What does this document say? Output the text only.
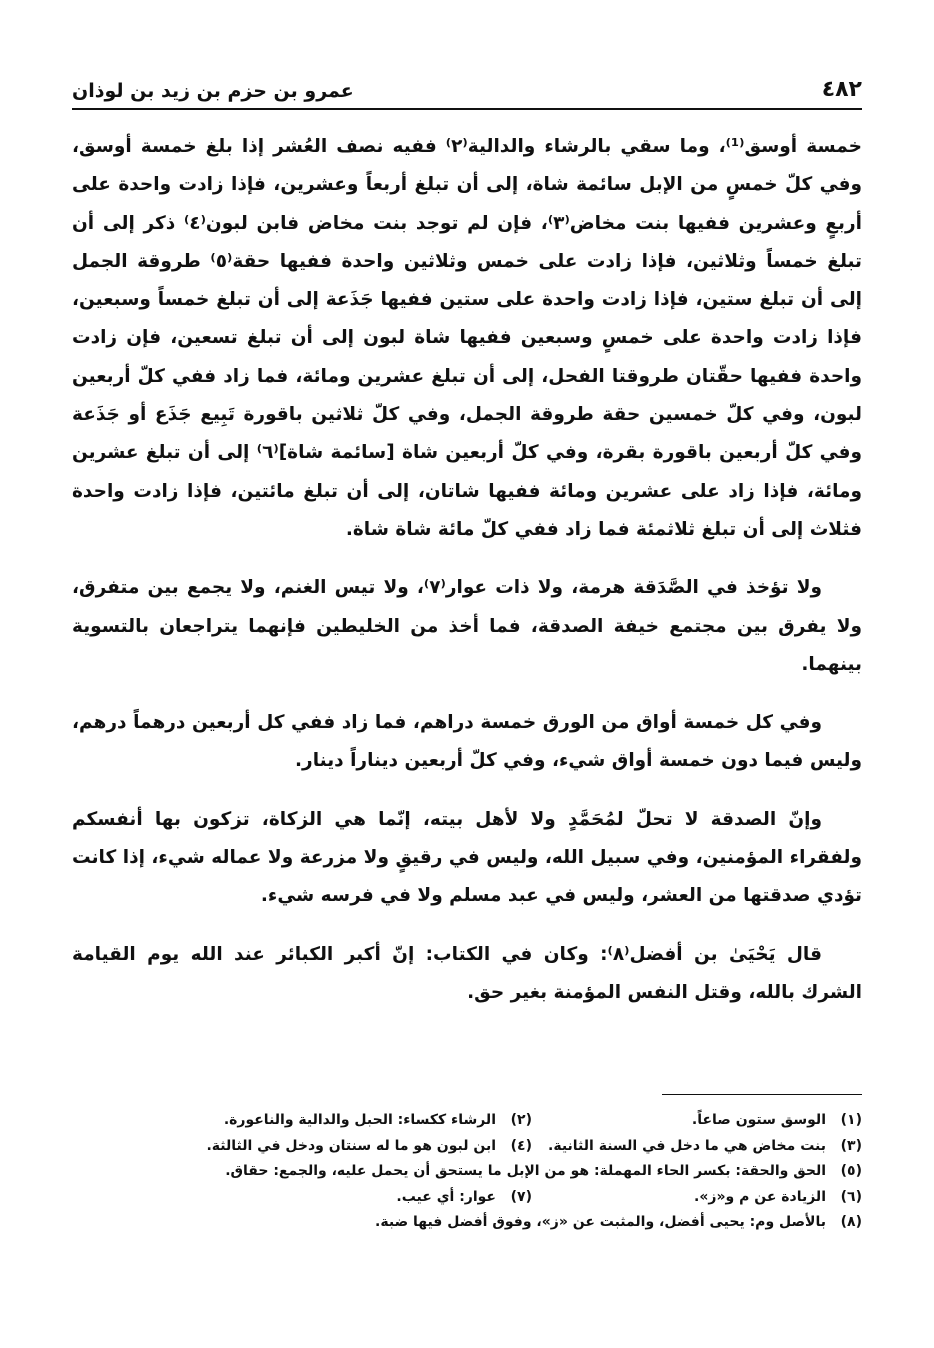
٤٨٢
عمرو بن حزم بن زيد بن لوذان

خمسة أوسق⁽¹⁾، وما سقي بالرشاء والدالية⁽٢⁾ ففيه نصف العُشر إذا بلغ خمسة أوسق، وفي كلّ خمسٍ من الإبل سائمة شاة، إلى أن تبلغ أربعاً وعشرين، فإذا زادت واحدة على أربعٍ وعشرين ففيها بنت مخاض⁽٣⁾، فإن لم توجد بنت مخاض فابن لبون⁽٤⁾ ذكر إلى أن تبلغ خمساً وثلاثين، فإذا زادت على خمس وثلاثين واحدة ففيها حقة⁽٥⁾ طروقة الجمل إلى أن تبلغ ستين، فإذا زادت واحدة على ستين ففيها جَذَعة إلى أن تبلغ خمساً وسبعين، فإذا زادت واحدة على خمسٍ وسبعين ففيها شاة لبون إلى أن تبلغ تسعين، فإن زادت واحدة ففيها حقّتان طروقتا الفحل، إلى أن تبلغ عشرين ومائة، فما زاد ففي كلّ أربعين لبون، وفي كلّ خمسين حقة طروقة الجمل، وفي كلّ ثلاثين باقورة تَبِيع جَذَع أو جَذَعة وفي كلّ أربعين باقورة بقرة، وفي كلّ أربعين شاة [سائمة شاة]⁽٦⁾ إلى أن تبلغ عشرين ومائة، فإذا زاد على عشرين ومائة ففيها شاتان، إلى أن تبلغ مائتين، فإذا زادت واحدة فثلاث إلى أن تبلغ ثلاثمئة فما زاد ففي كلّ مائة شاة شاة.

ولا تؤخذ في الصَّدَقة هرمة، ولا ذات عوار⁽٧⁾، ولا تيس الغنم، ولا يجمع بين متفرق، ولا يفرق بين مجتمع خيفة الصدقة، فما أخذ من الخليطين فإنهما يتراجعان بالتسوية بينهما.

وفي كل خمسة أواق من الورق خمسة دراهم، فما زاد ففي كل أربعين درهماً درهم، وليس فيما دون خمسة أواق شيء، وفي كلّ أربعين ديناراً دينار.

وإنّ الصدقة لا تحلّ لمُحَمَّدٍ ولا لأهل بيته، إنّما هي الزكاة، تزكون بها أنفسكم ولفقراء المؤمنين، وفي سبيل الله، وليس في رقيقٍ ولا مزرعة ولا عماله شيء، إذا كانت تؤدي صدقتها من العشر، وليس في عبد مسلم ولا في فرسه شيء.

قال يَحْيَىٰ بن أفضل⁽٨⁾: وكان في الكتاب: إنّ أكبر الكبائر عند الله يوم القيامة الشرك بالله، وقتل النفس المؤمنة بغير حق.

(١)
الوسق ستون صاعاً.
(٢)
الرشاء ككساء: الحبل والدالية والناعورة.
(٣)
بنت مخاض هي ما دخل في السنة الثانية.
(٤)
ابن لبون هو ما له سنتان ودخل في الثالثة.
(٥)
الحق والحقة: بكسر الحاء المهملة: هو من الإبل ما يستحق أن يحمل عليه، والجمع: حقاق.
(٦)
الزيادة عن م و«ز».
(٧)
عوار: أي عيب.
(٨)
بالأصل وم: يحيى أفضل، والمثبت عن «ز»، وفوق أفضل فيها ضبة.
